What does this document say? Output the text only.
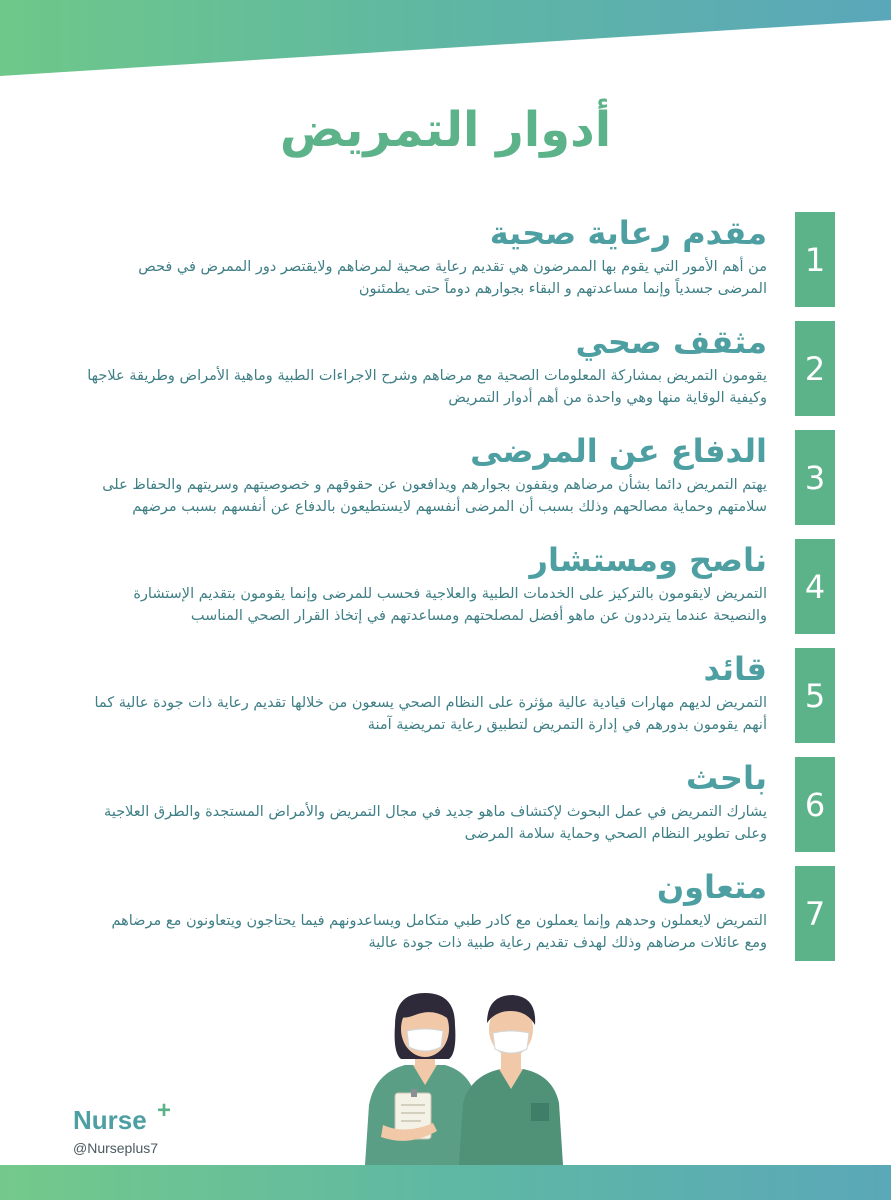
أدوار التمريض
1

مقدم رعاية صحية

من أهم الأمور التي يقوم بها الممرضون هي تقديم رعاية صحية لمرضاهم ولايقتصر دور الممرض في فحص المرضى جسدياً وإنما مساعدتهم و البقاء بجوارهم دوماً حتى يطمئنون

2

مثقف صحي

يقومون التمريض بمشاركة المعلومات الصحية مع مرضاهم وشرح الاجراءات الطبية وماهية الأمراض وطريقة علاجها وكيفية الوقاية منها وهي واحدة من أهم أدوار التمريض

3

الدفاع عن المرضى

يهتم التمريض دائما بشأن مرضاهم ويقفون بجوارهم ويدافعون عن حقوقهم و خصوصيتهم وسريتهم والحفاظ على سلامتهم وحماية مصالحهم وذلك بسبب أن المرضى أنفسهم لايستطيعون بالدفاع عن أنفسهم بسبب مرضهم

4

ناصح ومستشار

التمريض لايقومون بالتركيز على الخدمات الطبية والعلاجية فحسب للمرضى وإنما يقومون بتقديم الإستشارة والنصيحة عندما يترددون عن ماهو أفضل لمصلحتهم ومساعدتهم في إتخاذ القرار الصحي المناسب

5

قائد

التمريض لديهم مهارات قيادية عالية مؤثرة على النظام الصحي يسعون من خلالها تقديم رعاية ذات جودة عالية كما أنهم يقومون بدورهم في إدارة التمريض لتطبيق رعاية تمريضية آمنة

6

باحث

يشارك التمريض في عمل البحوث لإكتشاف ماهو جديد في مجال التمريض والأمراض المستجدة والطرق العلاجية وعلى تطوير النظام الصحي وحماية سلامة المرضى

7

متعاون

التمريض لايعملون وحدهم وإنما يعملون مع كادر طبي متكامل ويساعدونهم فيما يحتاجون ويتعاونون مع مرضاهم ومع عائلات مرضاهم وذلك لهدف تقديم رعاية طبية ذات جودة عالية

Nurse +
@Nurseplus7
